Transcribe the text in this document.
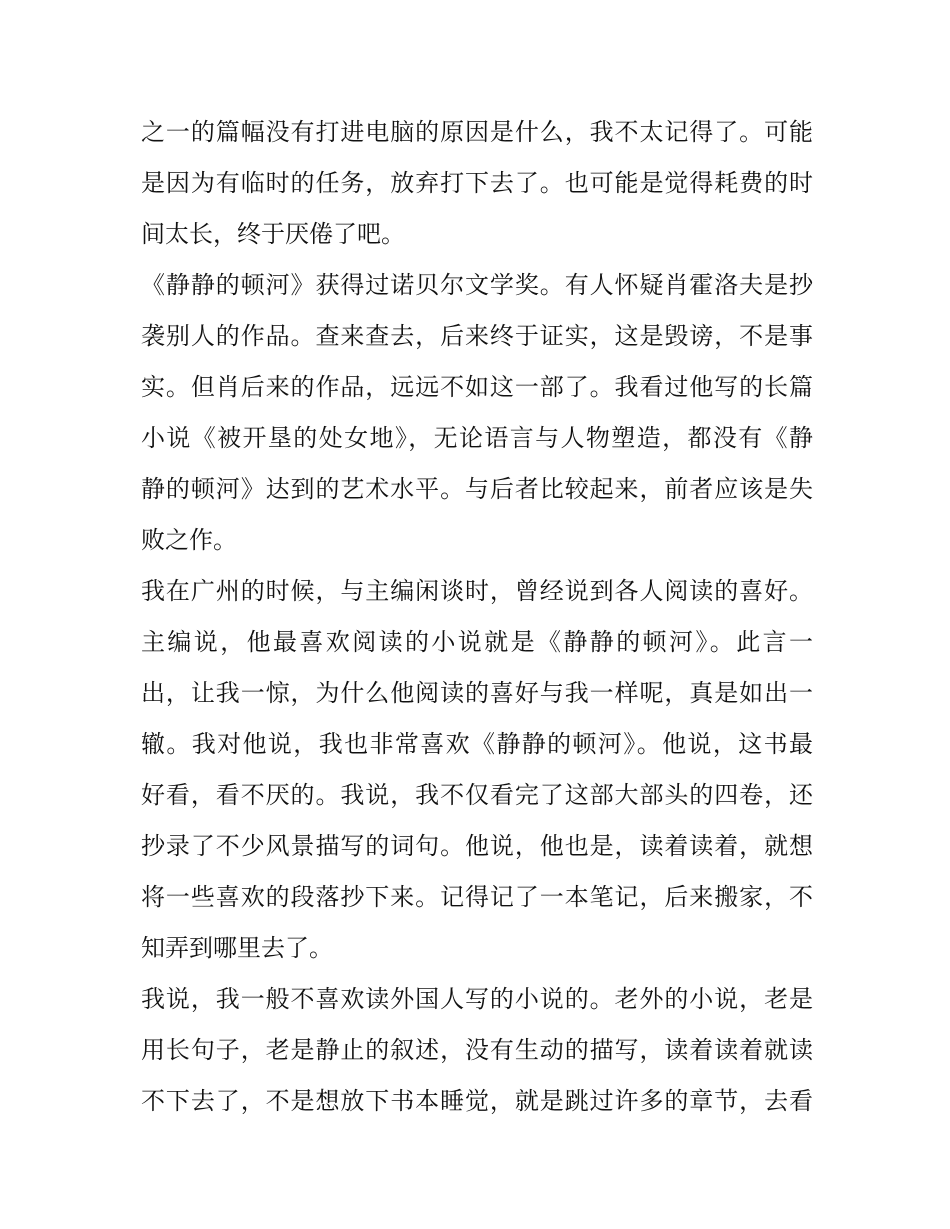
之一的篇幅没有打进电脑的原因是什么，我不太记得了。可能
是因为有临时的任务，放弃打下去了。也可能是觉得耗费的时
间太长，终于厌倦了吧。
《静静的顿河》获得过诺贝尔文学奖。有人怀疑肖霍洛夫是抄
袭别人的作品。查来查去，后来终于证实，这是毁谤，不是事
实。但肖后来的作品，远远不如这一部了。我看过他写的长篇
小说《被开垦的处女地》，无论语言与人物塑造，都没有《静
静的顿河》达到的艺术水平。与后者比较起来，前者应该是失
败之作。
我在广州的时候，与主编闲谈时，曾经说到各人阅读的喜好。
主编说，他最喜欢阅读的小说就是《静静的顿河》。此言一
出，让我一惊，为什么他阅读的喜好与我一样呢，真是如出一
辙。我对他说，我也非常喜欢《静静的顿河》。他说，这书最
好看，看不厌的。我说，我不仅看完了这部大部头的四卷，还
抄录了不少风景描写的词句。他说，他也是，读着读着，就想
将一些喜欢的段落抄下来。记得记了一本笔记，后来搬家，不
知弄到哪里去了。
我说，我一般不喜欢读外国人写的小说的。老外的小说，老是
用长句子，老是静止的叙述，没有生动的描写，读着读着就读
不下去了，不是想放下书本睡觉，就是跳过许多的章节，去看
